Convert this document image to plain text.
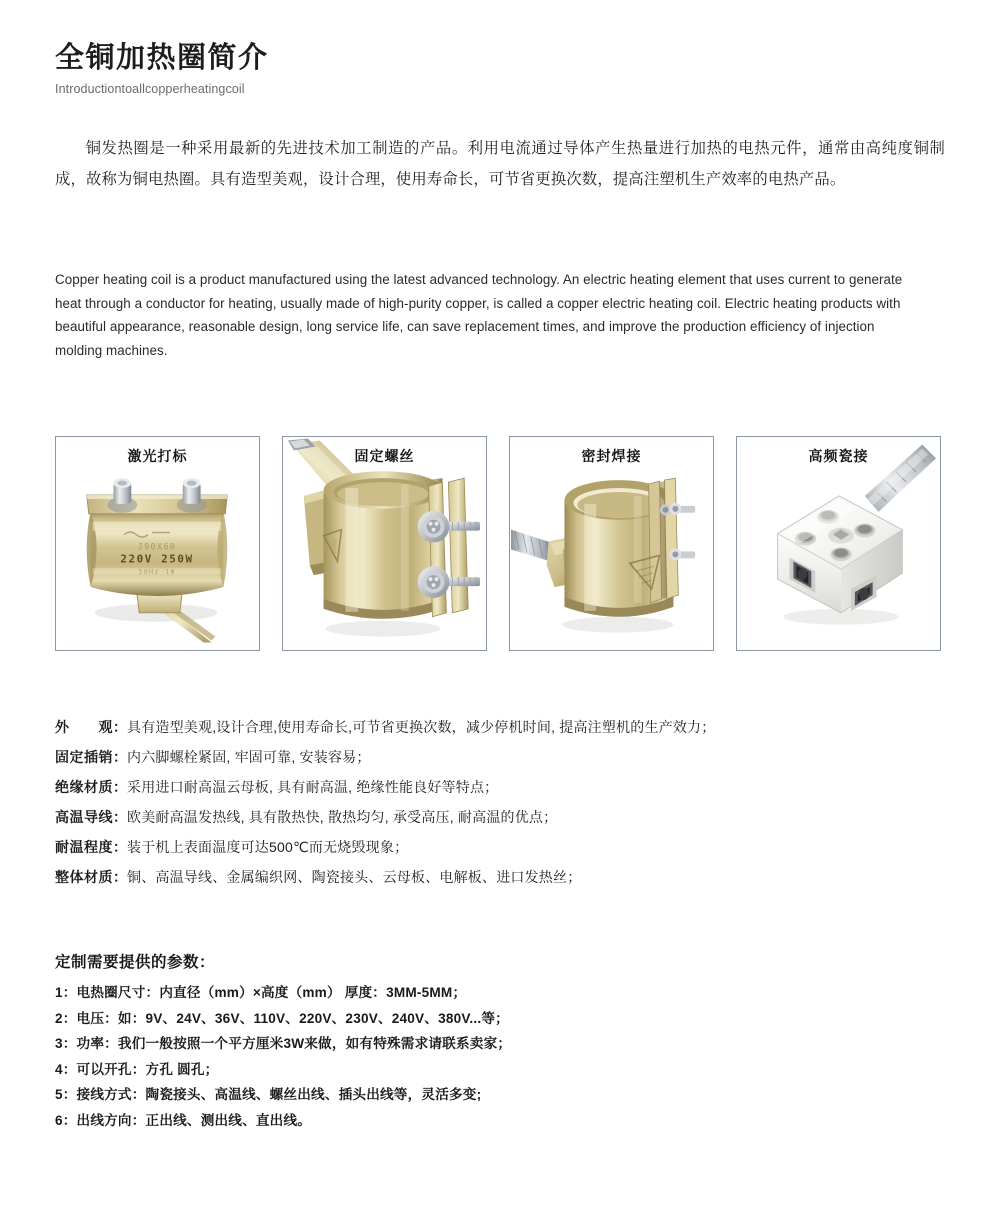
全铜加热圈简介
Introductiontoallcopperheatingcoil

铜发热圈是一种采用最新的先进技术加工制造的产品。利用电流通过导体产生热量进行加热的电热元件，通常由高纯度铜制成，故称为铜电热圈。具有造型美观，设计合理，使用寿命长，可节省更换次数，提高注塑机生产效率的电热产品。

Copper heating coil is a product manufactured using the latest advanced technology. An electric heating element that uses current to generate heat through a conductor for heating, usually made of high-purity copper, is called a copper electric heating coil. Electric heating products with beautiful appearance, reasonable design, long service life, can save replacement times, and improve the production efficiency of injection molding machines.

激光打标
J90X60
220V 250W
50Hz 1Φ
固定螺丝	密封焊接	高频瓷接
外　　观 ： 具有造型美观,设计合理,使用寿命长,可节省更换次数，减少停机时间, 提高注塑机的生产效力；
固定插销 ： 内六脚螺栓紧固, 牢固可靠, 安装容易；
绝缘材质 ： 采用进口耐高温云母板, 具有耐高温, 绝缘性能良好等特点；
高温导线 ： 欧美耐高温发热线, 具有散热快, 散热均匀, 承受高压, 耐高温的优点；
耐温程度 ： 装于机上表面温度可达500℃而无烧毁现象；
整体材质 ： 铜、高温导线、金属编织网、陶瓷接头、云母板、电解板、进口发热丝；
定制需要提供的参数：
1：电热圈尺寸：内直径（mm）×高度（mm） 厚度：3MM-5MM；
2：电压：如：9V、24V、36V、110V、220V、230V、240V、380V...等；
3：功率：我们一般按照一个平方厘米3W来做，如有特殊需求请联系卖家；
4：可以开孔：方孔 圆孔；
5：接线方式：陶瓷接头、高温线、螺丝出线、插头出线等，灵活多变;
6：出线方向：正出线、测出线、直出线。
